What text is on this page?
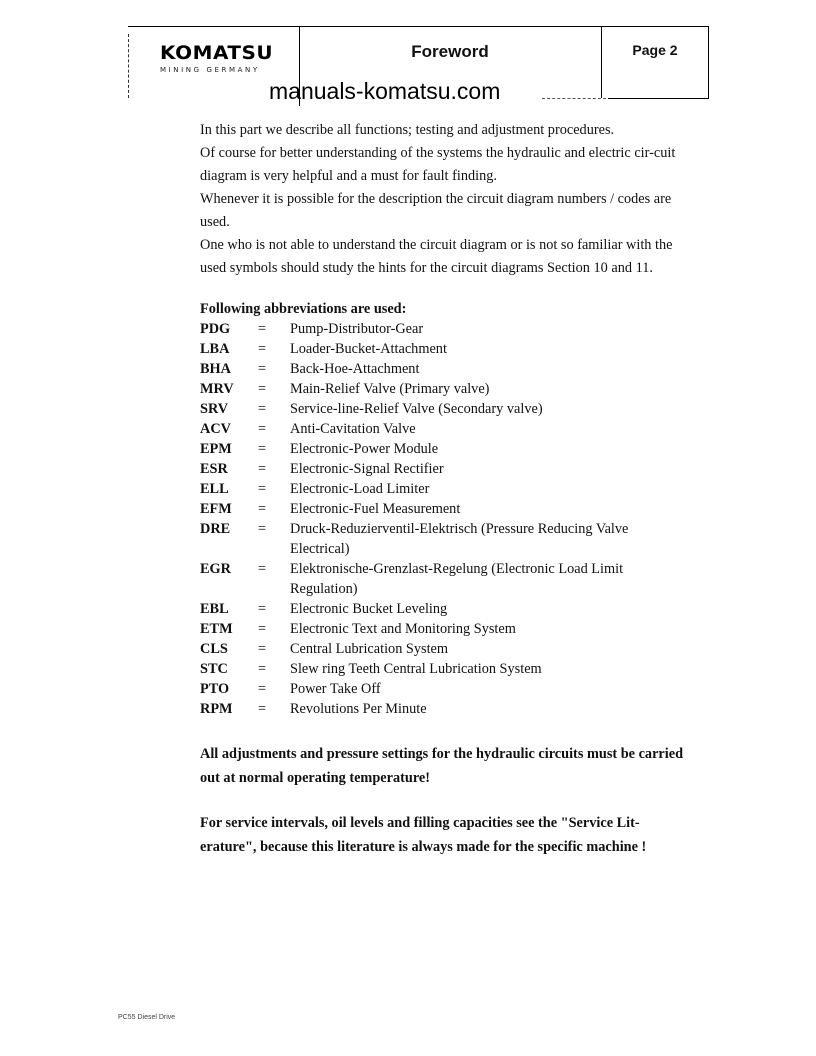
KOMATSU
MINING GERMANY
Foreword	Page 2
manuals-komatsu.com

In this part we describe all functions; testing and adjustment procedures.

Of course for better understanding of the systems the hydraulic and electric cir-cuit diagram is very helpful and a must for fault finding.

Whenever it is possible for the description the circuit diagram numbers / codes are used.

One who is not able to understand the circuit diagram or is not so familiar with the used symbols should study the hints for the circuit diagrams Section 10 and 11.

Following abbreviations are used:
PDG	=	Pump-Distributor-Gear
LBA	=	Loader-Bucket-Attachment
BHA	=	Back-Hoe-Attachment
MRV	=	Main-Relief Valve (Primary valve)
SRV	=	Service-line-Relief Valve (Secondary valve)
ACV	=	Anti-Cavitation Valve
EPM	=	Electronic-Power Module
ESR	=	Electronic-Signal Rectifier
ELL	=	Electronic-Load Limiter
EFM	=	Electronic-Fuel Measurement
DRE	=	Druck-Reduzierventil-Elektrisch (Pressure Reducing Valve Electrical)
EGR	=	Elektronische-Grenzlast-Regelung (Electronic Load Limit Regulation)
EBL	=	Electronic Bucket Leveling
ETM	=	Electronic Text and Monitoring System
CLS	=	Central Lubrication System
STC	=	Slew ring Teeth Central Lubrication System
PTO	=	Power Take Off
RPM	=	Revolutions Per Minute
All adjustments and pressure settings for the hydraulic circuits must be carried out at normal operating temperature!
For service intervals, oil levels and filling capacities see the "Service Lit-erature", because this literature is always made for the specific machine !
PC55 Diesel Drive
